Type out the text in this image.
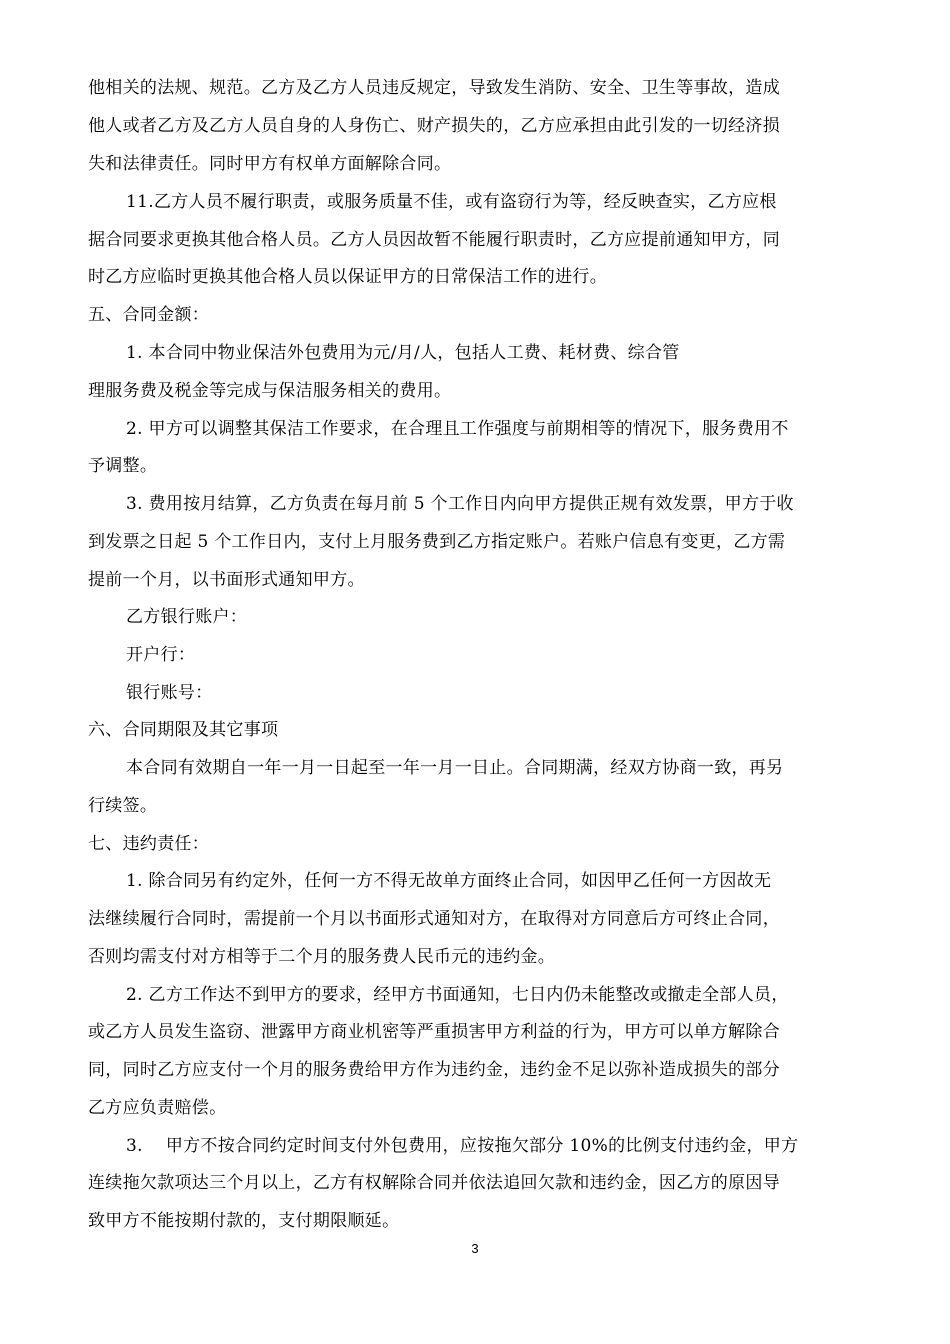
他相关的法规、规范。乙方及乙方人员违反规定，导致发生消防、安全、卫生等事故，造成
他人或者乙方及乙方人员自身的人身伤亡、财产损失的，乙方应承担由此引发的一切经济损
失和法律责任。同时甲方有权单方面解除合同。
11.乙方人员不履行职责，或服务质量不佳，或有盗窃行为等，经反映查实，乙方应根
据合同要求更换其他合格人员。乙方人员因故暂不能履行职责时，乙方应提前通知甲方，同
时乙方应临时更换其他合格人员以保证甲方的日常保洁工作的进行。
五、合同金额：
1. 本合同中物业保洁外包费用为元/月/人，包括人工费、耗材费、综合管
理服务费及税金等完成与保洁服务相关的费用。
2. 甲方可以调整其保洁工作要求，在合理且工作强度与前期相等的情况下，服务费用不
予调整。
3. 费用按月结算，乙方负责在每月前 5 个工作日内向甲方提供正规有效发票，甲方于收
到发票之日起 5 个工作日内，支付上月服务费到乙方指定账户。若账户信息有变更，乙方需
提前一个月，以书面形式通知甲方。
乙方银行账户：
开户行：
银行账号：
六、合同期限及其它事项
本合同有效期自一年一月一日起至一年一月一日止。合同期满，经双方协商一致，再另
行续签。
七、违约责任：
1. 除合同另有约定外，任何一方不得无故单方面终止合同，如因甲乙任何一方因故无
法继续履行合同时，需提前一个月以书面形式通知对方，在取得对方同意后方可终止合同，
否则均需支付对方相等于二个月的服务费人民币元的违约金。
2. 乙方工作达不到甲方的要求，经甲方书面通知，七日内仍未能整改或撤走全部人员，
或乙方人员发生盗窃、泄露甲方商业机密等严重损害甲方利益的行为，甲方可以单方解除合
同，同时乙方应支付一个月的服务费给甲方作为违约金，违约金不足以弥补造成损失的部分
乙方应负责赔偿。
3.　 甲方不按合同约定时间支付外包费用，应按拖欠部分 10%的比例支付违约金，甲方
连续拖欠款项达三个月以上，乙方有权解除合同并依法追回欠款和违约金，因乙方的原因导
致甲方不能按期付款的，支付期限顺延。
3
